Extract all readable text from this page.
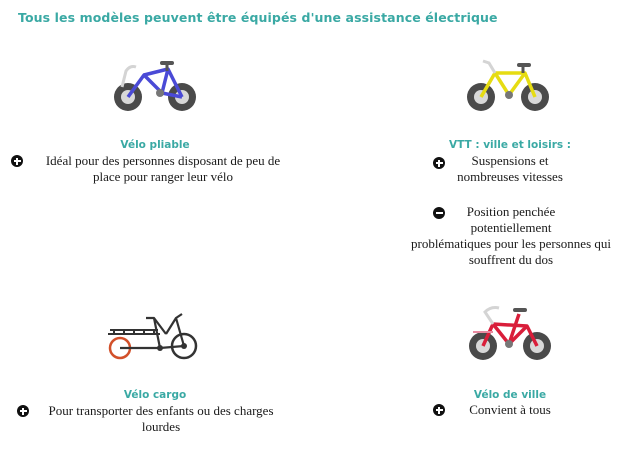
Tous les modèles peuvent être équipés d'une assistance électrique
Vélo pliable
Idéal pour des personnes disposant de peu de
place pour ranger leur vélo
VTT : ville et loisirs :
Suspensions et
nombreuses vitesses
Position penchée
potentiellement
problématiques pour les personnes qui
souffrent du dos
Vélo cargo
Pour transporter des enfants ou des charges
lourdes
Vélo de ville
Convient à tous
